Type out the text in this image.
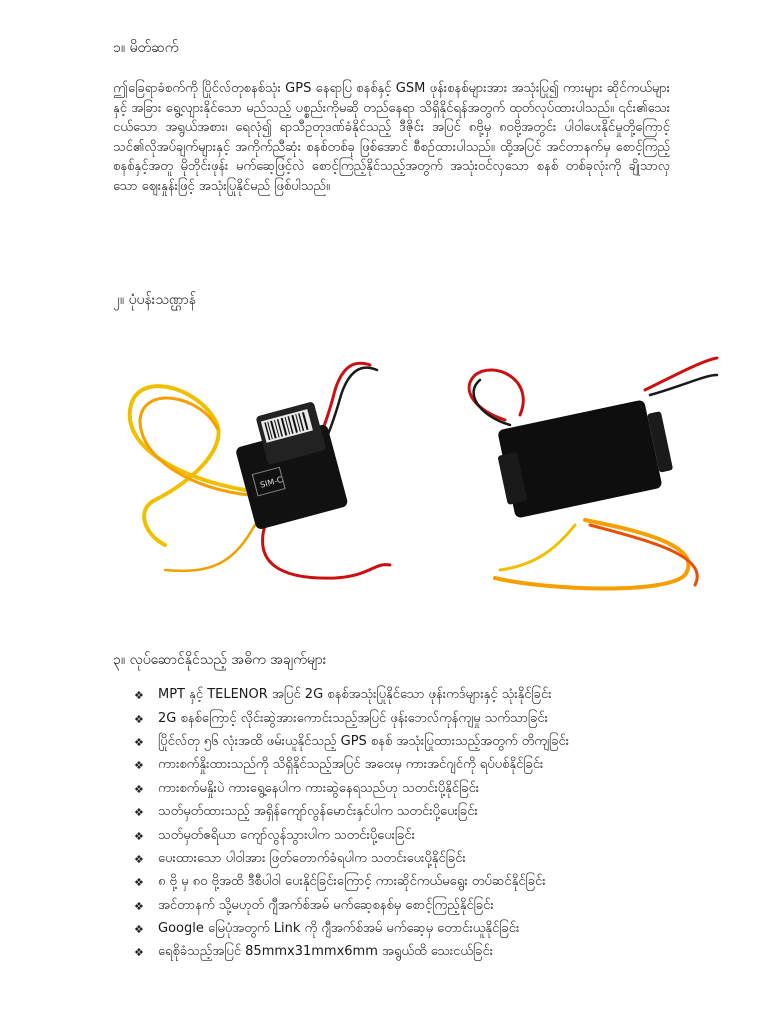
၁။ မိတ်ဆက်
ဤခြေရာခံစက်ကို ပြိုင်လ်တုစနစ်သုံး GPS နေရာပြ စနစ်နှင့် GSM ဖုန်းစနစ်များအား အသုံးပြု၍ ကားများ ဆိုင်ကယ်များ နှင့် အခြား ရွေ့လျားနိုင်သော မည်သည့် ပစ္စည်းကိုမဆို တည်နေရာ သိရှိနိုင်ရန်အတွက် ထုတ်လုပ်ထားပါသည်။ ၎င်း၏သေးငယ်သော အရွယ်အစား၊ ရေလုံ၍ ရာသီဥတုဒဏ်ခံနိုင်သည့် ဒီဇိုင်း အပြင် ၈ဗို့မှ ၈၀ဗို့အတွင်း ပါဝါပေးနိုင်မှုတို့ကြောင့် သင်၏လိုအပ်ချက်များနှင့် အကိုက်ညီဆုံး စနစ်တစ်ခု ဖြစ်အောင် စီစဉ်ထားပါသည်။ ထို့အပြင် အင်တာနက်မှ စောင့်ကြည့်စနစ်နှင့်အတူ မိုဘိုင်းဖုန်း မက်ဆေ့ဖြင့်လဲ စောင့်ကြည့်နိုင်သည့်အတွက် အသုံးဝင်လှသော စနစ် တစ်ခုလုံးကို ချိုသာလှသော ဈေးနှုန်းဖြင့် အသုံးပြုနိုင်မည် ဖြစ်ပါသည်။
၂။ ပုံပန်းသဏ္ဌာန်
SIM-C
၃။ လုပ်ဆောင်နိုင်သည့် အဓိက အချက်များ
❖	MPT နှင့် TELENOR အပြင် 2G စနစ်အသုံးပြုနိုင်သော ဖုန်းကဒ်များနှင့် သုံးနိုင်ခြင်း
❖	2G စနစ်ကြောင့် လိုင်းဆွဲအားကောင်းသည့်အပြင် ဖုန်းဘေလ်ကုန်ကျမှု သက်သာခြင်း
❖	ပြိုင်လ်တု ၅၆ လုံးအထိ ဖမ်းယူနိုင်သည့် GPS စနစ် အသုံးပြုထားသည့်အတွက် တိကျခြင်း
❖	ကားစက်နှိုးထားသည်ကို သိရှိနိုင်သည့်အပြင် အဝေးမှ ကားအင်ဂျင်ကို ရပ်ပစ်နိုင်ခြင်း
❖	ကားစက်မနှိုးပဲ ကားရွေ့နေပါက ကားဆွဲနေရသည်ဟု သတင်းပို့နိုင်ခြင်း
❖	သတ်မှတ်ထားသည့် အရှိန်ကျော်လွန်မောင်းနှင်ပါက သတင်းပို့ပေးခြင်း
❖	သတ်မှတ်ဧရိယာ ကျော်လွန်သွားပါက သတင်းပို့ပေးခြင်း
❖	ပေးထားသော ပါဝါအား ဖြတ်တောက်ခံရပါက သတင်းပေးပို့နိုင်ခြင်း
❖	၈ ဗို့ မှ ၈၀ ဗို့အထိ ဒီစီပါဝါ ပေးနိုင်ခြင်းကြောင့် ကားဆိုင်ကယ်မရွေး တပ်ဆင်နိုင်ခြင်း
❖	အင်တာနက် သို့မဟုတ် ဂျီအက်စ်အမ် မက်ဆေ့စနစ်မှ စောင့်ကြည့်နိုင်ခြင်း
❖	Google မြေပုံအတွက် Link ကို ဂျီအက်စ်အမ် မက်ဆေ့မှ တောင်းယူနိုင်ခြင်း
❖	ရေစိုခံသည့်အပြင် 85mmx31mmx6mm အရွယ်ထိ သေးငယ်ခြင်း
